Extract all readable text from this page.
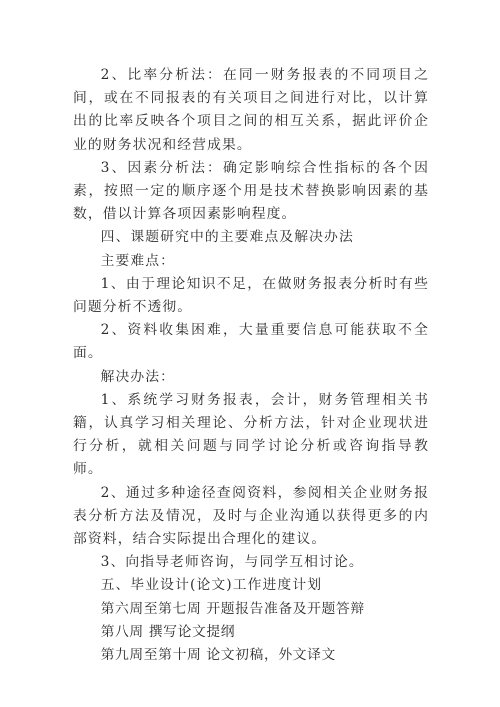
2、比率分析法：在同一财务报表的不同项目之间，或在不同报表的有关项目之间进行对比，以计算出的比率反映各个项目之间的相互关系，据此评价企业的财务状况和经营成果。

3、因素分析法：确定影响综合性指标的各个因素，按照一定的顺序逐个用是技术替换影响因素的基数，借以计算各项因素影响程度。

四、课题研究中的主要难点及解决办法

主要难点：

1、由于理论知识不足，在做财务报表分析时有些问题分析不透彻。

2、资料收集困难，大量重要信息可能获取不全面。

解决办法：

1、系统学习财务报表，会计，财务管理相关书籍，认真学习相关理论、分析方法，针对企业现状进行分析，就相关问题与同学讨论分析或咨询指导教师。

2、通过多种途径查阅资料，参阅相关企业财务报表分析方法及情况，及时与企业沟通以获得更多的内部资料，结合实际提出合理化的建议。

3、向指导老师咨询，与同学互相讨论。

五、毕业设计(论文)工作进度计划

第六周至第七周 开题报告准备及开题答辩

第八周 撰写论文提纲

第九周至第十周 论文初稿，外文译文
